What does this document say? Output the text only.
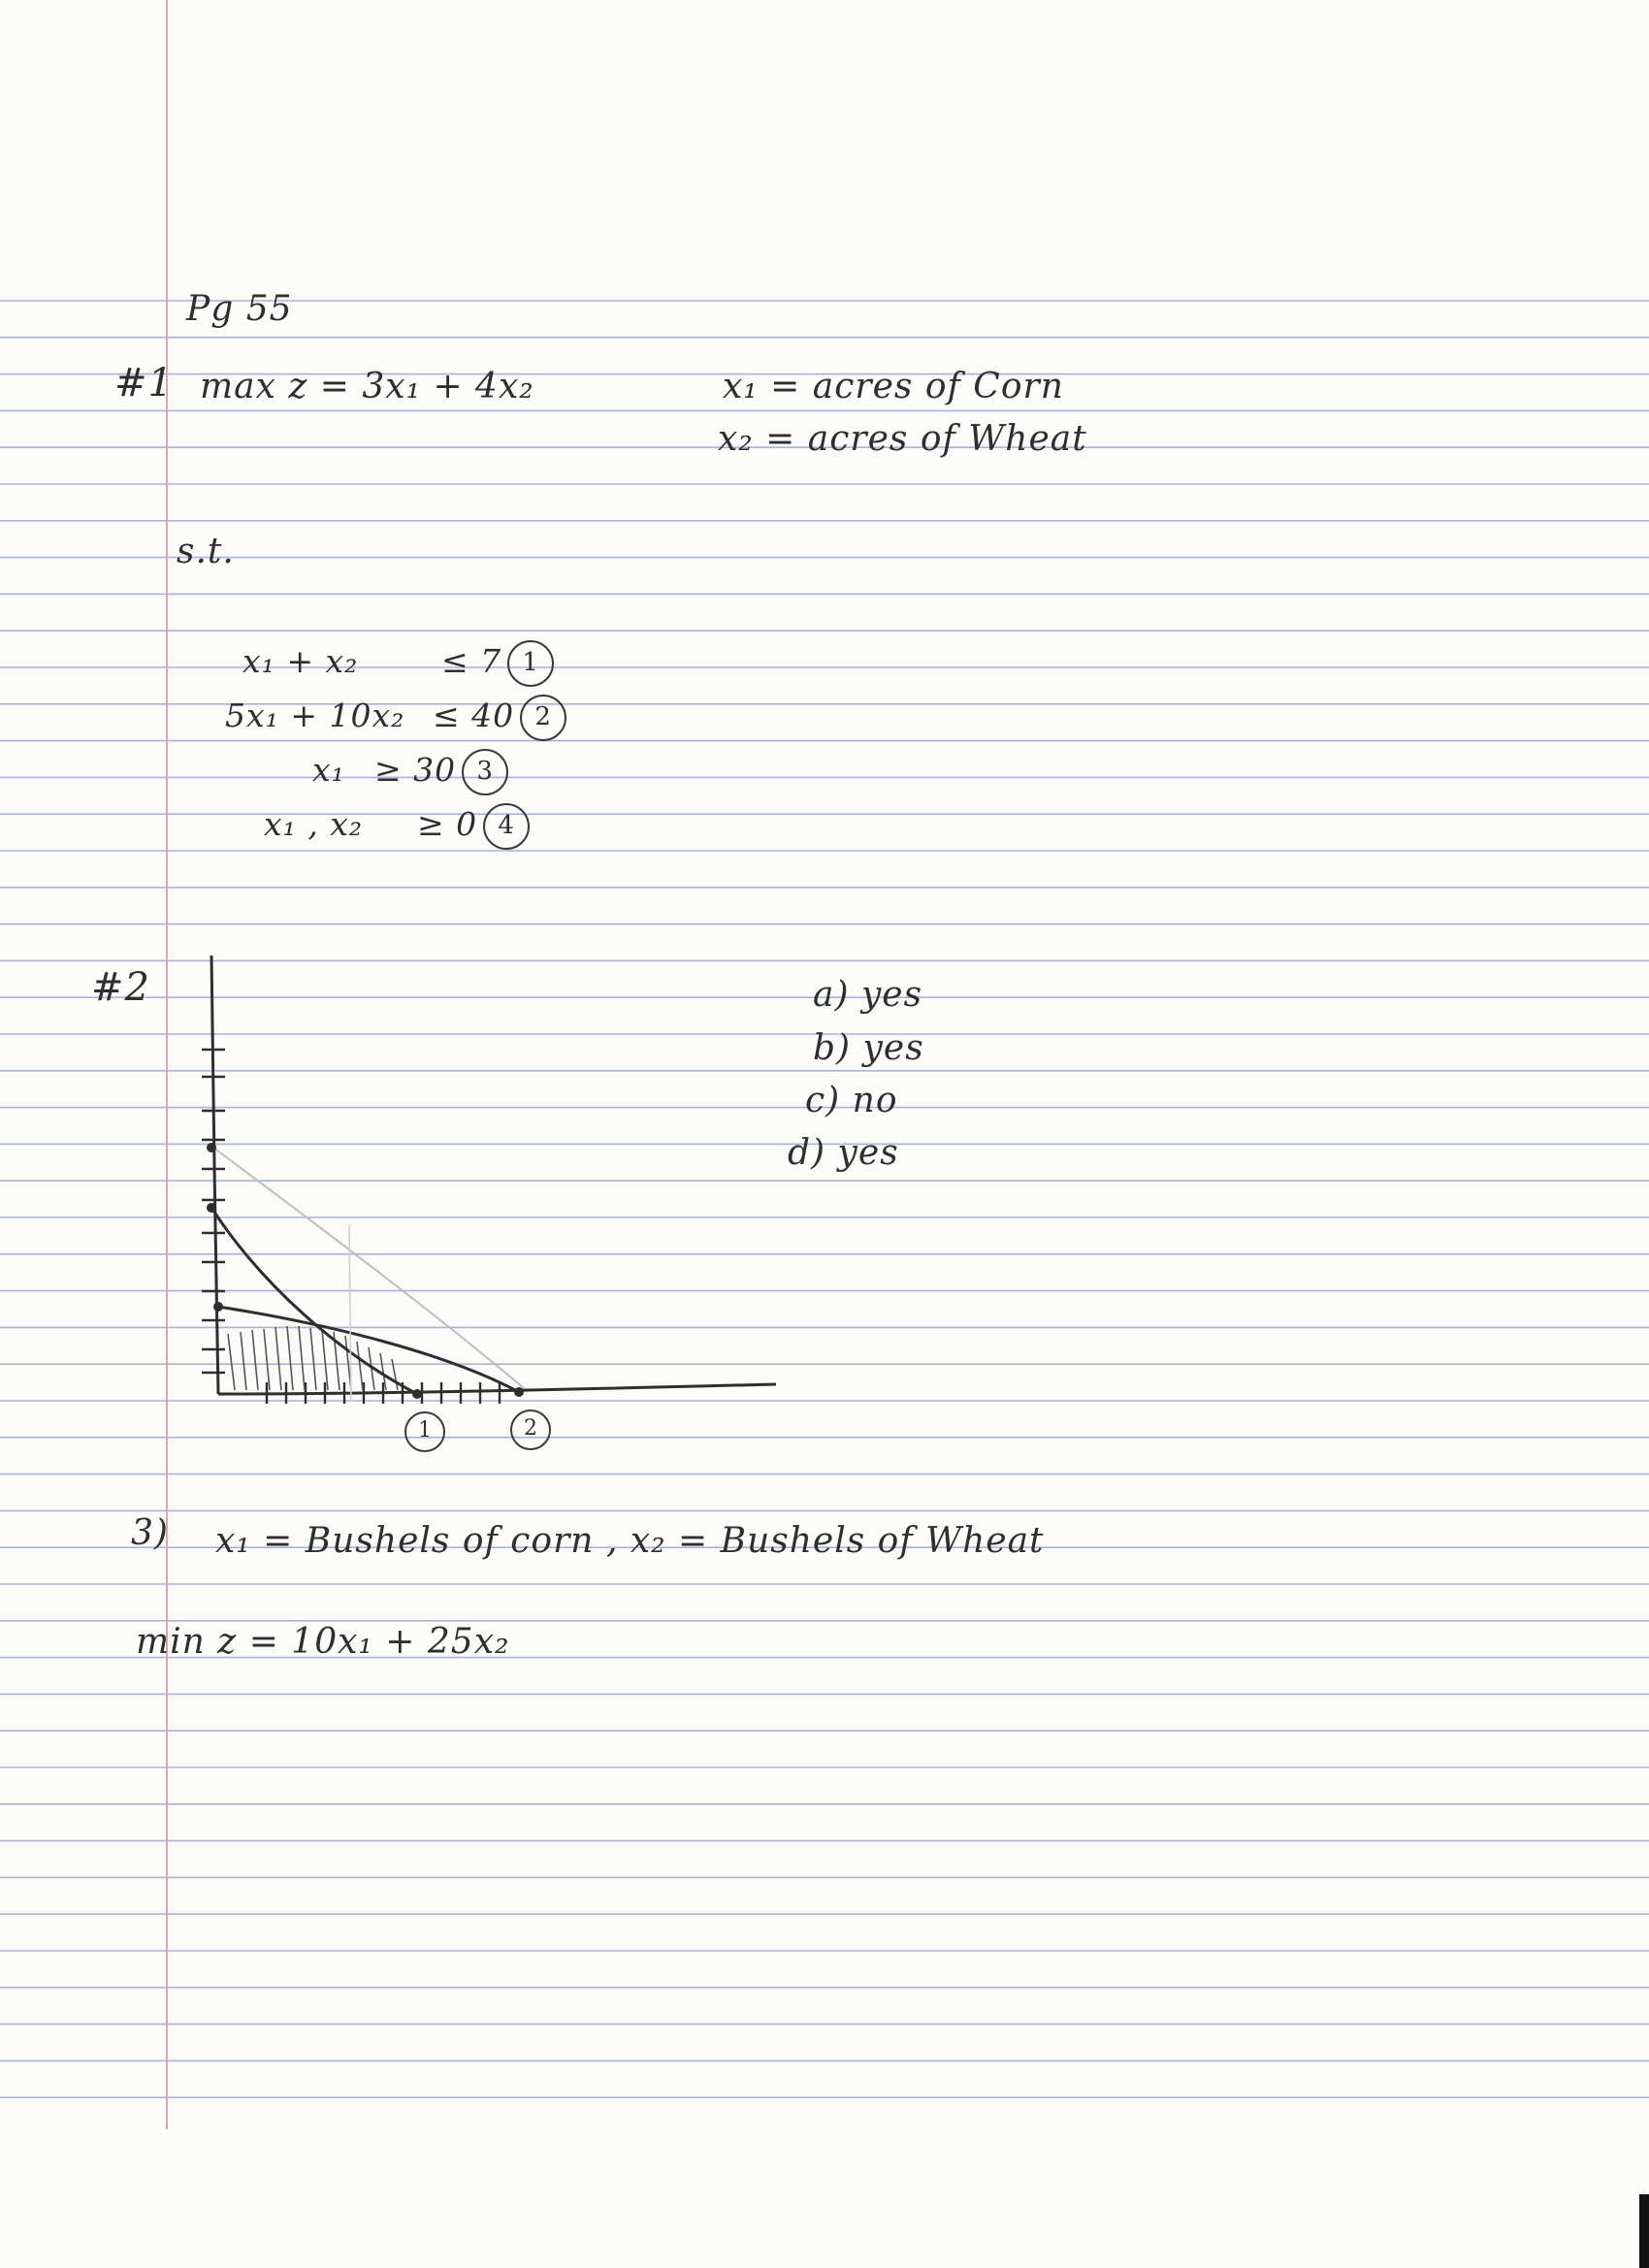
Pg 55
#1 max z = 3x₁ + 4x₂	x₁ = acres of Corn
x₂ = acres of Wheat
s.t.
x₁ + x₂	≤ 7 1
5x₁ + 10x₂ ≤ 40 2
x₁ ≥ 30 3
x₁ , x₂ ≥ 0 4
#2
1	2
a) yes
b) yes
c) no
d) yes
3) x₁ = Bushels of corn , x₂ = Bushels of Wheat
min z = 10x₁ + 25x₂
